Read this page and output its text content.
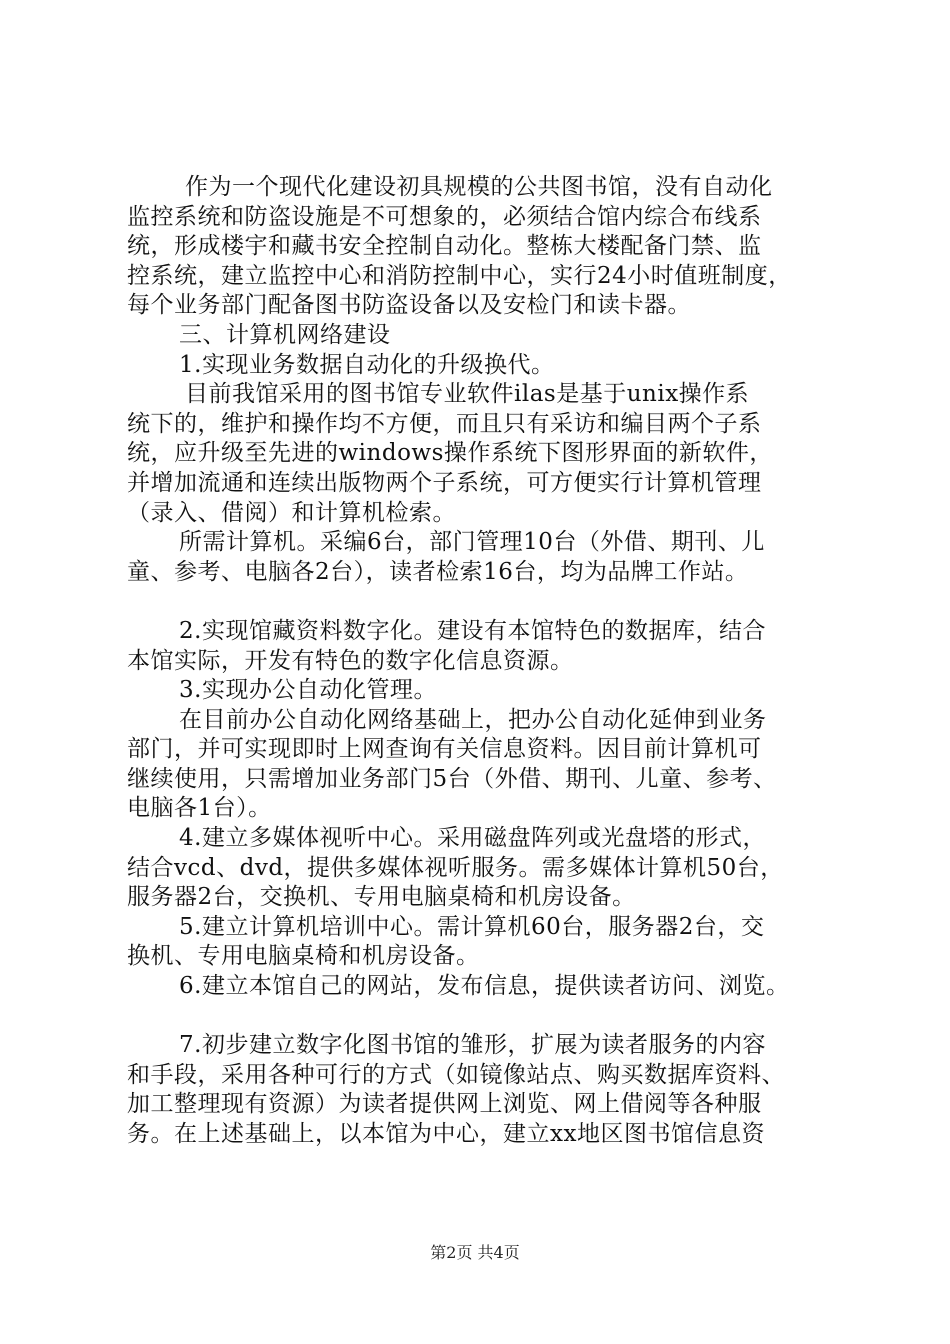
作为一个现代化建设初具规模的公共图书馆，没有自动化
监控系统和防盗设施是不可想象的，必须结合馆内综合布线系
统，形成楼宇和藏书安全控制自动化。整栋大楼配备门禁、监
控系统，建立监控中心和消防控制中心，实行24小时值班制度，
每个业务部门配备图书防盗设备以及安检门和读卡器。
三、计算机网络建设
1.实现业务数据自动化的升级换代。
目前我馆采用的图书馆专业软件ilas是基于unix操作系
统下的，维护和操作均不方便，而且只有采访和编目两个子系
统，应升级至先进的windows操作系统下图形界面的新软件，
并增加流通和连续出版物两个子系统，可方便实行计算机管理
（录入、借阅）和计算机检索。
所需计算机。采编6台，部门管理10台（外借、期刊、儿
童、参考、电脑各2台），读者检索16台，均为品牌工作站。
2.实现馆藏资料数字化。建设有本馆特色的数据库，结合
本馆实际，开发有特色的数字化信息资源。
3.实现办公自动化管理。
在目前办公自动化网络基础上，把办公自动化延伸到业务
部门，并可实现即时上网查询有关信息资料。因目前计算机可
继续使用，只需增加业务部门5台（外借、期刊、儿童、参考、
电脑各1台）。
4.建立多媒体视听中心。采用磁盘阵列或光盘塔的形式，
结合vcd、dvd，提供多媒体视听服务。需多媒体计算机50台，
服务器2台，交换机、专用电脑桌椅和机房设备。
5.建立计算机培训中心。需计算机60台，服务器2台，交
换机、专用电脑桌椅和机房设备。
6.建立本馆自己的网站，发布信息，提供读者访问、浏览。
7.初步建立数字化图书馆的雏形，扩展为读者服务的内容
和手段，采用各种可行的方式（如镜像站点、购买数据库资料、
加工整理现有资源）为读者提供网上浏览、网上借阅等各种服
务。在上述基础上，以本馆为中心，建立xx地区图书馆信息资
第2页 共4页
